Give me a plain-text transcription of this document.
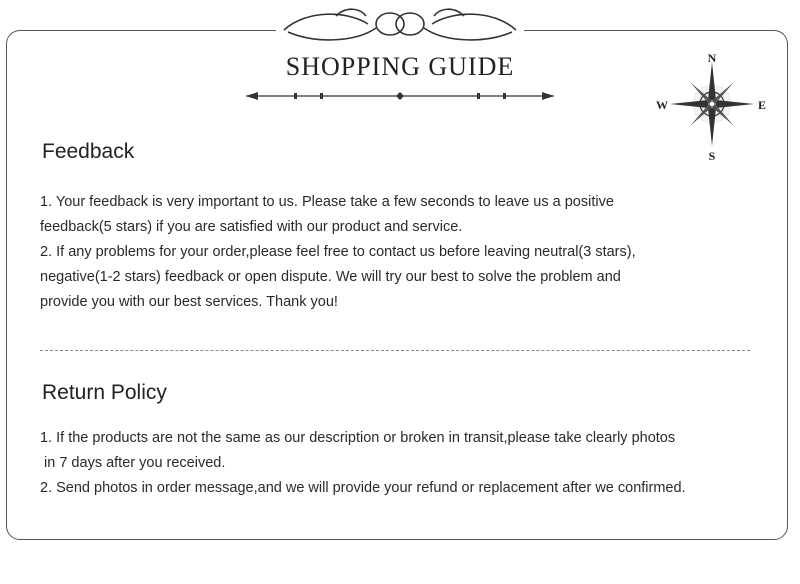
SHOPPING GUIDE	N
E
S
W
Feedback

1. Your feedback is very important to us. Please take a few seconds to leave us a positive

feedback(5 stars) if you are satisfied with our product and service.

2. If any problems for your order,please feel free to contact us before leaving neutral(3 stars),

negative(1-2 stars) feedback or open dispute. We will try our best to solve the problem and

provide you with our best services. Thank you!

Return Policy

1. If the products are not the same as our description or broken in transit,please take clearly photos

in 7 days after you received.

2. Send photos in order message,and we will provide your refund or replacement after we confirmed.
